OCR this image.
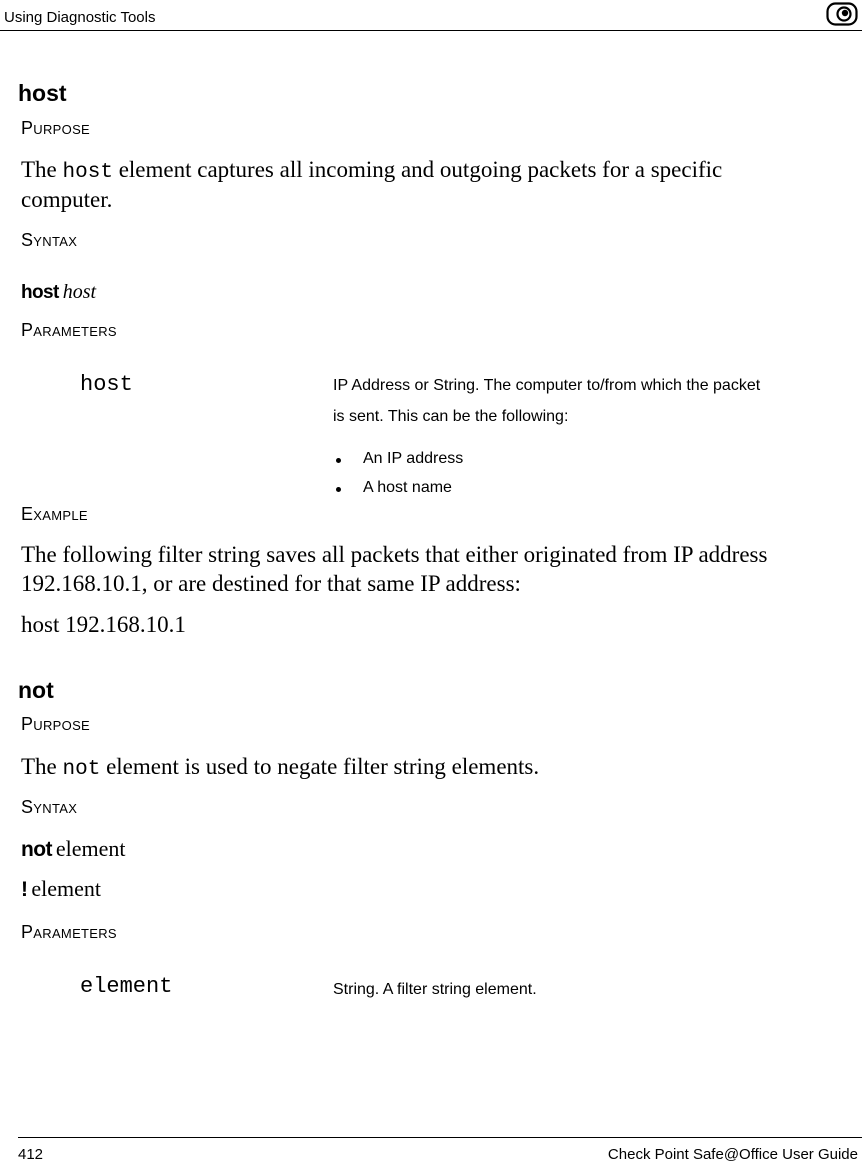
Using Diagnostic Tools
host
Purpose
The host element captures all incoming and outgoing packets for a specific
computer.
Syntax
host host
Parameters
host	IP Address or String. The computer to/from which the packet
is sent. This can be the following:
An IP address
A host name
Example
The following filter string saves all packets that either originated from IP address
192.168.10.1, or are destined for that same IP address:
host 192.168.10.1
not
Purpose
The not element is used to negate filter string elements.
Syntax
not element
! element
Parameters
element	String. A filter string element.
412	Check Point Safe@Office User Guide
